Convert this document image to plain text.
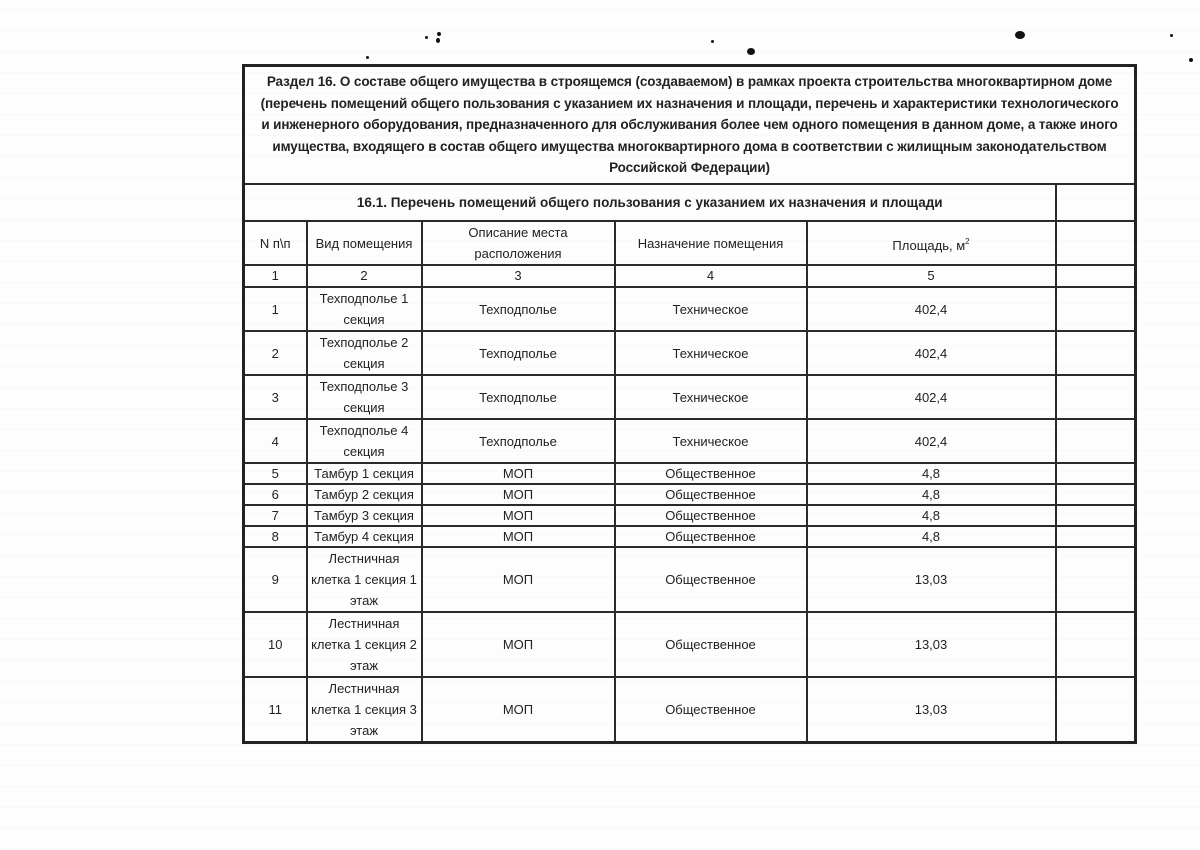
Раздел 16. О составе общего имущества в строящемся (создаваемом) в рамках проекта строительства многоквартирном доме (перечень помещений общего пользования с указанием их назначения и площади, перечень и характеристики технологического и инженерного оборудования, предназначенного для обслуживания более чем одного помещения в данном доме, а также иного имущества, входящего в состав общего имущества многоквартирного дома в соответствии с жилищным законодательством Российской Федерации)					
16.1. Перечень помещений общего пользования с указанием их назначения и площади					
N п\п	Вид помещения	Описание места расположения	Назначение помещения	Площадь, $м^2$	
1	2	3	4	5	
1	Техподполье 1 секция	Техподполье	Техническое	402,4	
2	Техподполье 2 секция	Техподполье	Техническое	402,4	
3	Техподполье 3 секция	Техподполье	Техническое	402,4	
4	Техподполье 4 секция	Техподполье	Техническое	402,4	
5	Тамбур 1 секция	МОП	Общественное	4,8	
6	Тамбур 2 секция	МОП	Общественное	4,8	
7	Тамбур 3 секция	МОП	Общественное	4,8	
8	Тамбур 4 секция	МОП	Общественное	4,8	
9	Лестничная клетка 1 секция 1 этаж	МОП	Общественное	13,03	
10	Лестничная клетка 1 секция 2 этаж	МОП	Общественное	13,03	
11	Лестничная клетка 1 секция 3 этаж	МОП	Общественное	13,03	
